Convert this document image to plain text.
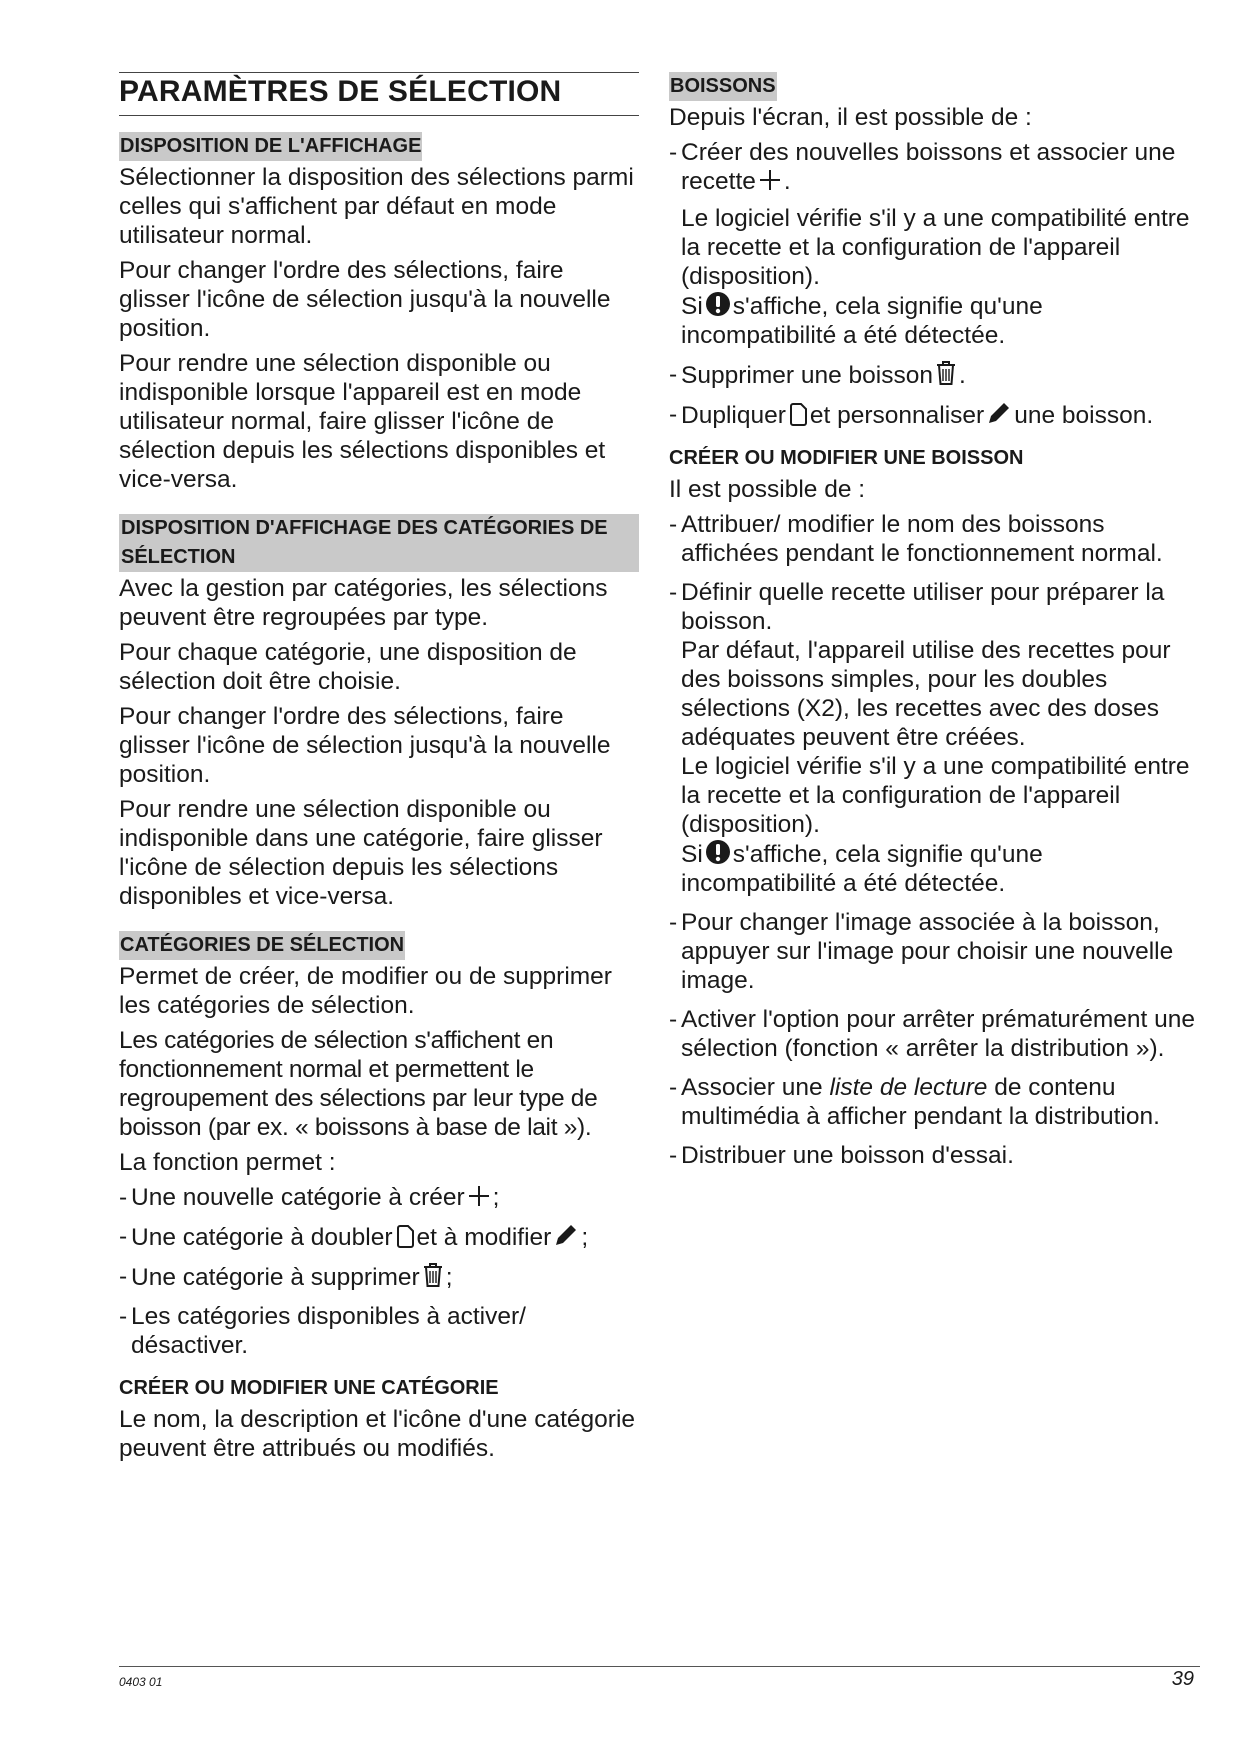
PARAMÈTRES DE SÉLECTION
DISPOSITION DE L'AFFICHAGE

Sélectionner la disposition des sélections parmi celles qui s'affichent par défaut en mode utilisateur normal.

Pour changer l'ordre des sélections, faire glisser l'icône de sélection jusqu'à la nouvelle position.

Pour rendre une sélection disponible ou indisponible lorsque l'appareil est en mode utilisateur normal, faire glisser l'icône de sélection depuis les sélections disponibles et vice-versa.

DISPOSITION D'AFFICHAGE DES CATÉGORIES DE SÉLECTION

Avec la gestion par catégories, les sélections peuvent être regroupées par type.

Pour chaque catégorie, une disposition de sélection doit être choisie.

Pour changer l'ordre des sélections, faire glisser l'icône de sélection jusqu'à la nouvelle position.

Pour rendre une sélection disponible ou indisponible dans une catégorie, faire glisser l'icône de sélection depuis les sélections disponibles et vice-versa.

CATÉGORIES DE SÉLECTION

Permet de créer, de modifier ou de supprimer les catégories de sélection.

Les catégories de sélection s'affichent en fonctionnement normal et permettent le regroupement des sélections par leur type de boisson (par ex. « boissons à base de lait »).

La fonction permet :

- Une nouvelle catégorie à créer ;
- Une catégorie à doubler et à modifier ;
- Une catégorie à supprimer ;
- Les catégories disponibles à activer/ désactiver.
CRÉER OU MODIFIER UNE CATÉGORIE

Le nom, la description et l'icône d'une catégorie peuvent être attribués ou modifiés.

BOISSONS

Depuis l'écran, il est possible de :

- Créer des nouvelles boissons et associer une recette .

Le logiciel vérifie s'il y a une compatibilité entre la recette et la configuration de l'appareil (disposition).

Si s'affiche, cela signifie qu'une incompatibilité a été détectée.

- Supprimer une boisson .
- Dupliquer et personnaliser une boisson.
CRÉER OU MODIFIER UNE BOISSON

Il est possible de :

- Attribuer/ modifier le nom des boissons affichées pendant le fonctionnement normal.
- Définir quelle recette utiliser pour préparer la boisson.

Par défaut, l'appareil utilise des recettes pour des boissons simples, pour les doubles sélections (X2), les recettes avec des doses adéquates peuvent être créées.

Le logiciel vérifie s'il y a une compatibilité entre la recette et la configuration de l'appareil (disposition).

Si s'affiche, cela signifie qu'une incompatibilité a été détectée.

- Pour changer l'image associée à la boisson, appuyer sur l'image pour choisir une nouvelle image.
- Activer l'option pour arrêter prématurément une sélection (fonction « arrêter la distribution »).
- Associer une liste de lecture de contenu multimédia à afficher pendant la distribution.
- Distribuer une boisson d'essai.
0403 01	39
